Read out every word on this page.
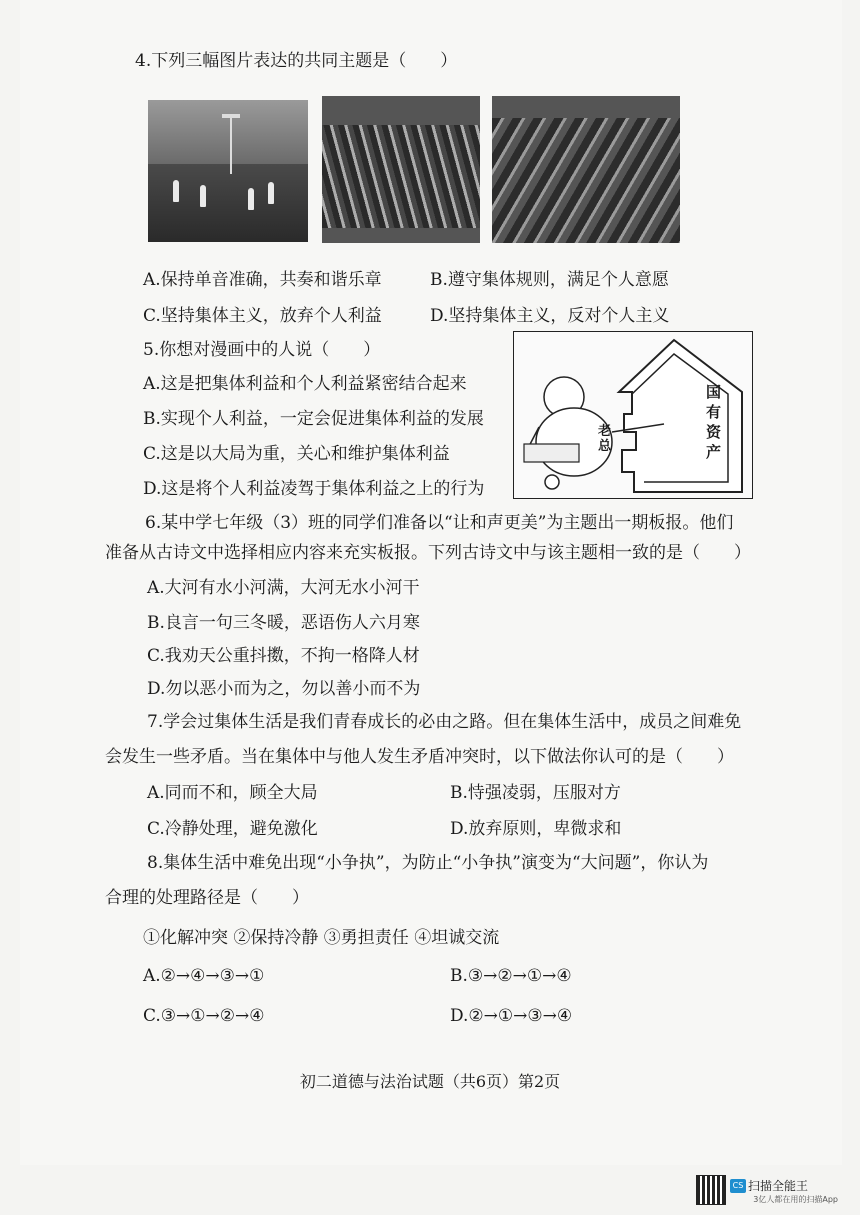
4.下列三幅图片表达的共同主题是（　　）
A.保持单音准确，共奏和谐乐章	B.遵守集体规则，满足个人意愿
C.坚持集体主义，放弃个人利益	D.坚持集体主义，反对个人主义
5.你想对漫画中的人说（　　）
A.这是把集体利益和个人利益紧密结合起来
B.实现个人利益，一定会促进集体利益的发展
C.这是以大局为重，关心和维护集体利益
D.这是将个人利益凌驾于集体利益之上的行为
国有资产
老总
6.某中学七年级（3）班的同学们准备以“让和声更美”为主题出一期板报。他们
准备从古诗文中选择相应内容来充实板报。下列古诗文中与该主题相一致的是（　　）
A.大河有水小河满，大河无水小河干
B.良言一句三冬暖，恶语伤人六月寒
C.我劝天公重抖擞，不拘一格降人材
D.勿以恶小而为之，勿以善小而不为
7.学会过集体生活是我们青春成长的必由之路。但在集体生活中，成员之间难免
会发生一些矛盾。当在集体中与他人发生矛盾冲突时，以下做法你认可的是（　　）
A.同而不和，顾全大局	B.恃强凌弱，压服对方
C.冷静处理，避免激化	D.放弃原则，卑微求和
8.集体生活中难免出现“小争执”，为防止“小争执”演变为“大问题”，你认为
合理的处理路径是（　　）
①化解冲突 ②保持冷静 ③勇担责任 ④坦诚交流
A.②→④→③→①	B.③→②→①→④
C.③→①→②→④	D.②→①→③→④
初二道德与法治试题（共6页）第2页
CS 扫描全能王
3亿人都在用的扫描App
